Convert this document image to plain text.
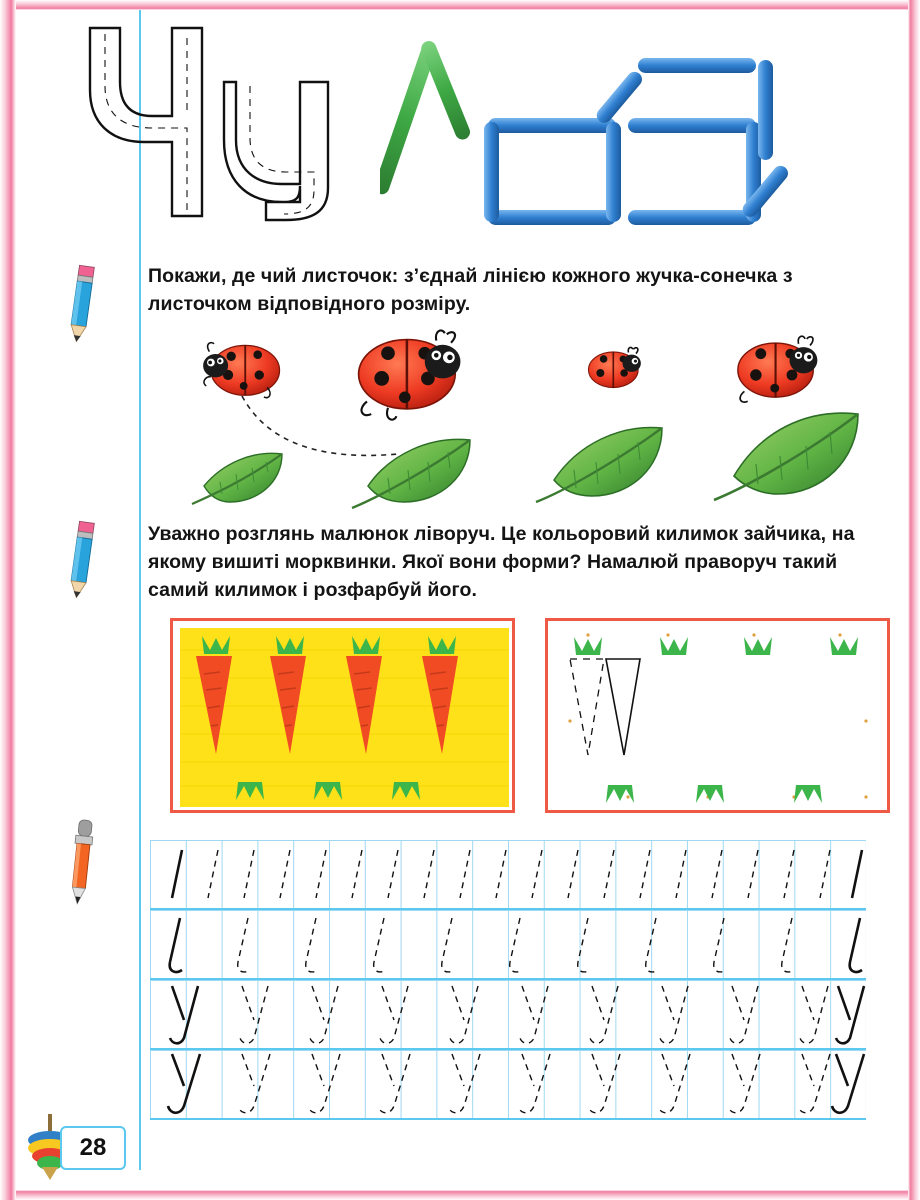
Покажи, де чий листочок: з’єднай лінією кожного жучка-сонечка з листочком відповідного розміру.

Уважно розглянь малюнок ліворуч. Це кольоровий килимок зайчика, на якому вишиті морквинки. Якої вони форми? Намалюй праворуч такий самий килимок і розфарбуй його.

28
